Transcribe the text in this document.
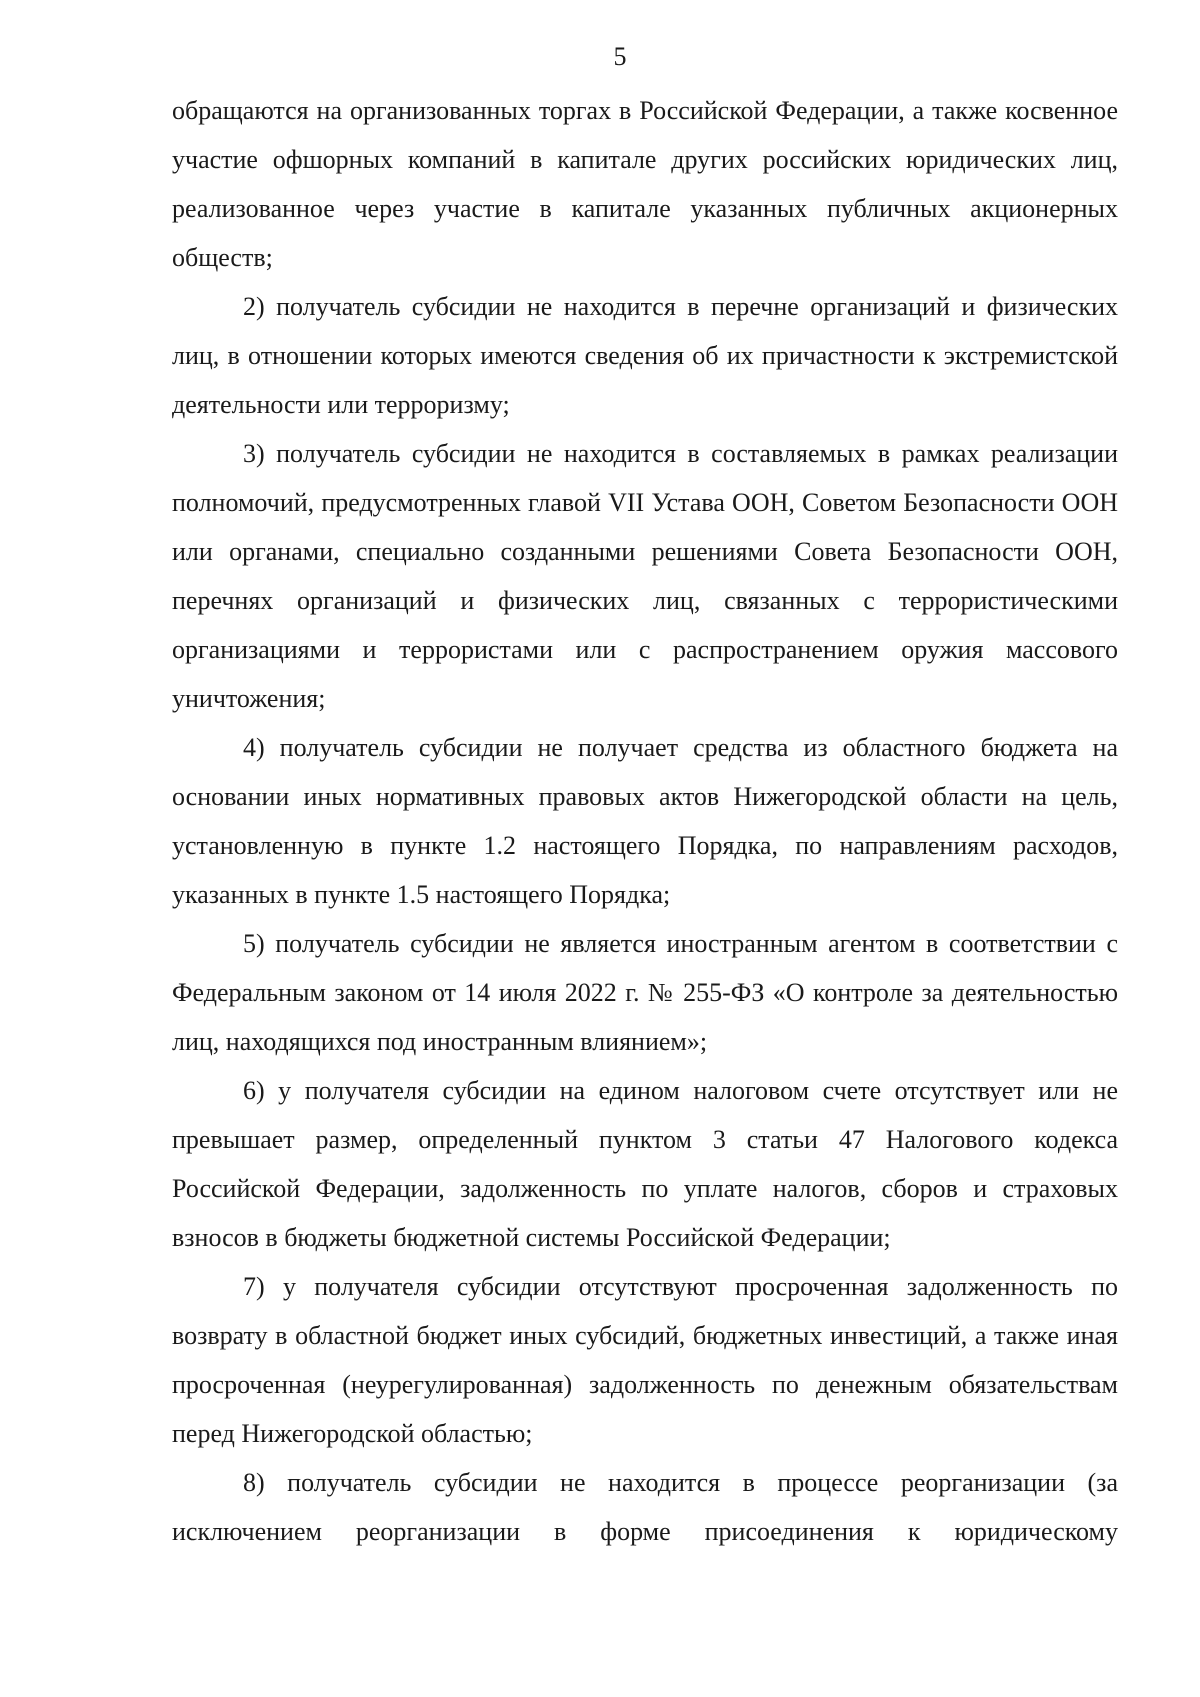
5

обращаются на организованных торгах в Российской Федерации, а также косвенное участие офшорных компаний в капитале других российских юридических лиц, реализованное через участие в капитале указанных публичных акционерных обществ;

2) получатель субсидии не находится в перечне организаций и физических лиц, в отношении которых имеются сведения об их причастности к экстремистской деятельности или терроризму;

3) получатель субсидии не находится в составляемых в рамках реализации полномочий, предусмотренных главой VII Устава ООН, Советом Безопасности ООН или органами, специально созданными решениями Совета Безопасности ООН, перечнях организаций и физических лиц, связанных с террористическими организациями и террористами или с распространением оружия массового уничтожения;

4) получатель субсидии не получает средства из областного бюджета на основании иных нормативных правовых актов Нижегородской области на цель, установленную в пункте 1.2 настоящего Порядка, по направлениям расходов, указанных в пункте 1.5 настоящего Порядка;

5) получатель субсидии не является иностранным агентом в соответствии с Федеральным законом от 14 июля 2022 г. № 255-ФЗ «О контроле за деятельностью лиц, находящихся под иностранным влиянием»;

6) у получателя субсидии на едином налоговом счете отсутствует или не превышает размер, определенный пунктом 3 статьи 47 Налогового кодекса Российской Федерации, задолженность по уплате налогов, сборов и страховых взносов в бюджеты бюджетной системы Российской Федерации;

7) у получателя субсидии отсутствуют просроченная задолженность по возврату в областной бюджет иных субсидий, бюджетных инвестиций, а также иная просроченная (неурегулированная) задолженность по денежным обязательствам перед Нижегородской областью;

8) получатель субсидии не находится в процессе реорганизации (за исключением реорганизации в форме присоединения к юридическому
